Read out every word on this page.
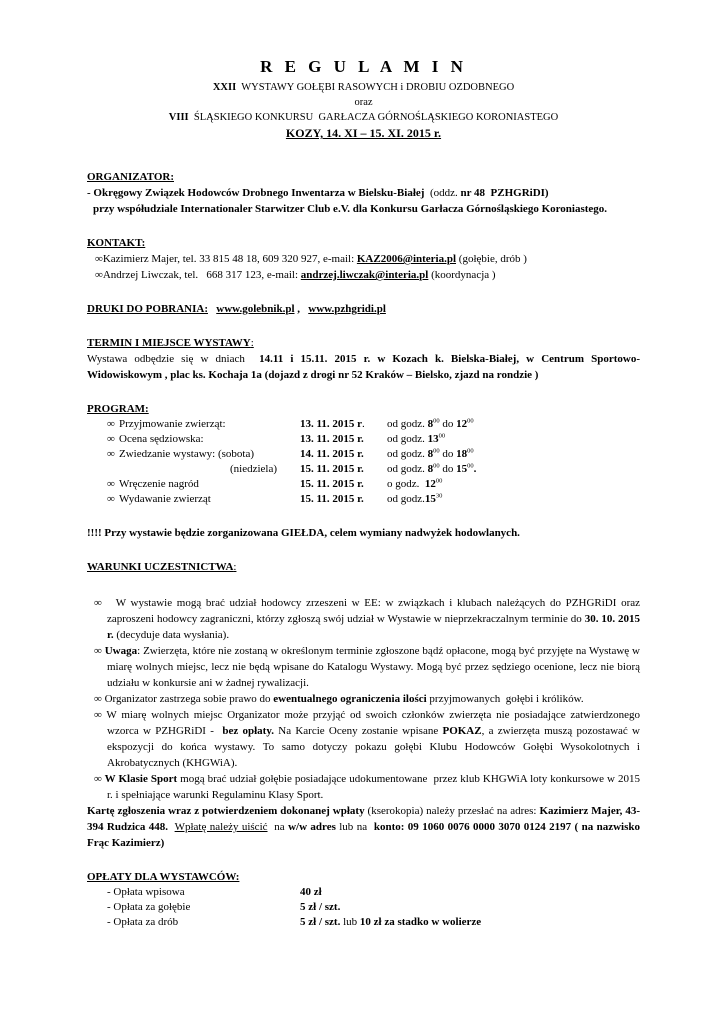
R E G U L A M I N
XXII  WYSTAWY GOŁĘBI RASOWYCH i DROBIU OZDOBNEGO
oraz
VIII  ŚLĄSKIEGO KONKURSU  GARŁACZA GÓRNOŚLĄSKIEGO KORONIASTEGO
KOZY, 14. XI – 15. XI. 2015 r.
ORGANIZATOR:
- Okręgowy Związek Hodowców Drobnego Inwentarza w Bielsku-Białej  (oddz. nr 48  PZHGRiDI)
przy współudziale Internationaler Starwitzer Club e.V. dla Konkursu Garłacza Górnośląskiego Koroniastego.
KONTAKT:
∞Kazimierz Majer, tel. 33 815 48 18, 609 320 927, e-mail: KAZ2006@interia.pl (gołębie, drób )
∞Andrzej Liwczak, tel.   668 317 123, e-mail: andrzej.liwczak@interia.pl (koordynacja )
DRUKI DO POBRANIA: www.golebnik.pl ,   www.pzhgridi.pl
TERMIN I MIEJSCE WYSTAWY:
Wystawa odbędzie się w dniach  14.11 i 15.11. 2015 r. w Kozach k. Bielska-Białej, w Centrum Sportowo-Widowiskowym , plac ks. Kochaja 1a (dojazd z drogi nr 52 Kraków – Bielsko, zjazd na rondzie )
PROGRAM:
∞ Przyjmowanie zwierząt:	13. 11. 2015 r. od godz. $8^{00}$ do $12^{00}$
∞ Ocena sędziowska:	13. 11. 2015 r. od godz. $13^{00}$
∞ Zwiedzanie wystawy: (sobota)	14. 11. 2015 r. od godz. $8^{00}$ do $18^{00}$
(niedziela) 15. 11. 2015 r. od godz. $8^{00}$ do $15^{00}$.
∞ Wręczenie nagród	15. 11. 2015 r. o godz.  $12^{00}$
∞ Wydawanie zwierząt	15. 11. 2015 r. od $godz.15^{30}$
!!!! Przy wystawie będzie zorganizowana GIEŁDA, celem wymiany nadwyżek hodowlanych.
WARUNKI UCZESTNICTWA:
∞   W wystawie mogą brać udział hodowcy zrzeszeni w EE: w związkach i klubach należących do PZHGRiDI oraz zaproszeni hodowcy zagraniczni, którzy zgłoszą swój udział w Wystawie w nieprzekraczalnym terminie do 30. 10. 2015 r. (decyduje data wysłania).
∞ Uwaga: Zwierzęta, które nie zostaną w określonym terminie zgłoszone bądź opłacone, mogą być przyjęte na Wystawę w miarę wolnych miejsc, lecz nie będą wpisane do Katalogu Wystawy. Mogą być przez sędziego ocenione, lecz nie biorą udziału w konkursie ani w żadnej rywalizacji.
∞ Organizator zastrzega sobie prawo do ewentualnego ograniczenia ilości przyjmowanych  gołębi i królików.
∞ W miarę wolnych miejsc Organizator może przyjąć od swoich członków zwierzęta nie posiadające zatwierdzonego wzorca w PZHGRiDI -  bez opłaty. Na Karcie Oceny zostanie wpisane POKAZ, a zwierzęta muszą pozostawać w ekspozycji do końca wystawy. To samo dotyczy pokazu gołębi Klubu Hodowców Gołębi Wysokolotnych i Akrobatycznych (KHGWiA).
∞ W Klasie Sport mogą brać udział gołębie posiadające udokumentowane  przez klub KHGWiA loty konkursowe w 2015 r. i spełniające warunki Regulaminu Klasy Sport.
Kartę zgłoszenia wraz z potwierdzeniem dokonanej wpłaty (kserokopia) należy przesłać na adres: Kazimierz Majer, 43-394 Rudzica 448. Wpłatę należy uiścić  na w/w adres lub na  konto: 09 1060 0076 0000 3070 0124 2197 ( na nazwisko Frąc Kazimierz)
OPŁATY DLA WYSTAWCÓW:
- Opłata wpisowa	40 zł
- Opłata za gołębie	5 zł / szt.
- Opłata za drób	5 zł / szt. lub 10 zł za stadko w wolierze
